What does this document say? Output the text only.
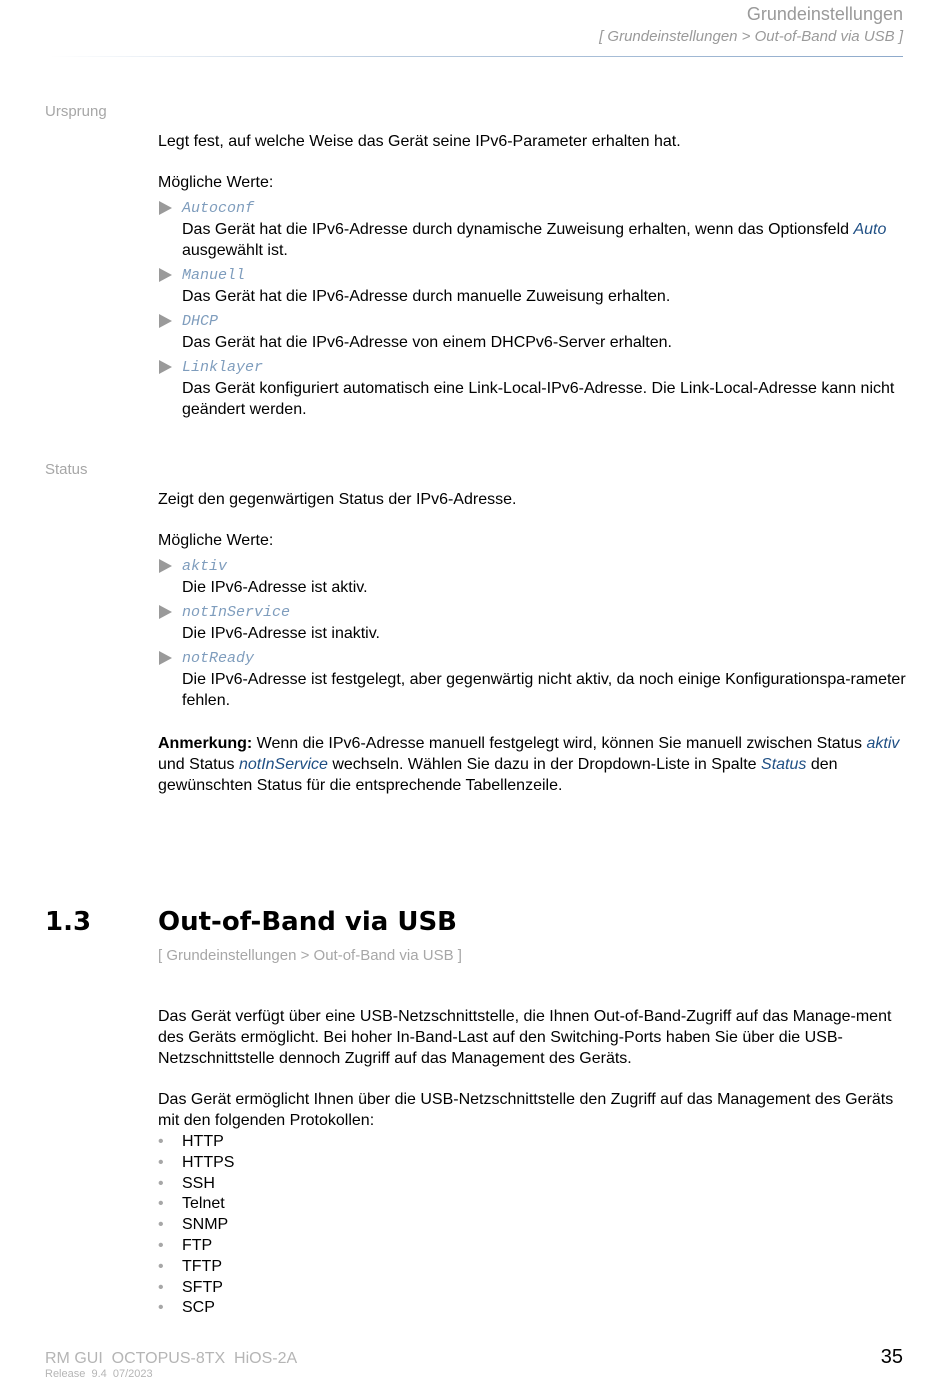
Grundeinstellungen
[ Grundeinstellungen > Out-of-Band via USB ]
Ursprung
Legt fest, auf welche Weise das Gerät seine IPv6-Parameter erhalten hat.
Mögliche Werte:
Autoconf
Das Gerät hat die IPv6-Adresse durch dynamische Zuweisung erhalten, wenn das Optionsfeld Auto ausgewählt ist.
Manuell
Das Gerät hat die IPv6-Adresse durch manuelle Zuweisung erhalten.
DHCP
Das Gerät hat die IPv6-Adresse von einem DHCPv6-Server erhalten.
Linklayer
Das Gerät konfiguriert automatisch eine Link-Local-IPv6-Adresse. Die Link-Local-Adresse kann nicht geändert werden.
Status
Zeigt den gegenwärtigen Status der IPv6-Adresse.
Mögliche Werte:
aktiv
Die IPv6-Adresse ist aktiv.
notInService
Die IPv6-Adresse ist inaktiv.
notReady
Die IPv6-Adresse ist festgelegt, aber gegenwärtig nicht aktiv, da noch einige Konfigurationspa-rameter fehlen.
Anmerkung: Wenn die IPv6-Adresse manuell festgelegt wird, können Sie manuell zwischen Status aktiv und Status notInService wechseln. Wählen Sie dazu in der Dropdown-Liste in Spalte Status den gewünschten Status für die entsprechende Tabellenzeile.
1.3	Out-of-Band via USB
[ Grundeinstellungen > Out-of-Band via USB ]
Das Gerät verfügt über eine USB-Netzschnittstelle, die Ihnen Out-of-Band-Zugriff auf das Manage-ment des Geräts ermöglicht. Bei hoher In-Band-Last auf den Switching-Ports haben Sie über die USB-Netzschnittstelle dennoch Zugriff auf das Management des Geräts.
Das Gerät ermöglicht Ihnen über die USB-Netzschnittstelle den Zugriff auf das Management des Geräts mit den folgenden Protokollen:
• HTTP
• HTTPS
• SSH
• Telnet
• SNMP
• FTP
• TFTP
• SFTP
• SCP
RM GUI  OCTOPUS-8TX  HiOS-2A
Release  9.4  07/2023
35
